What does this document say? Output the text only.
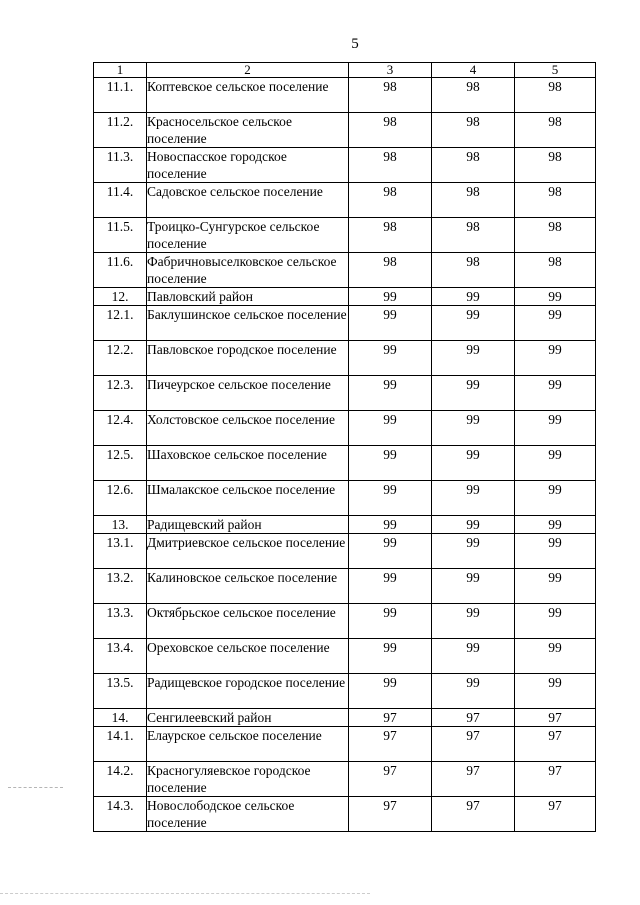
5
1	2	3	4	5
11.1.	Коптевское сельское поселение	98	98	98
11.2.	Красносельское сельское поселение	98	98	98
11.3.	Новоспасское городское поселение	98	98	98
11.4.	Садовское сельское поселение	98	98	98
11.5.	Троицко-Сунгурское сельское поселение	98	98	98
11.6.	Фабричновыселковское сельское поселение	98	98	98
12.	Павловский район	99	99	99
12.1.	Баклушинское сельское поселение	99	99	99
12.2.	Павловское городское поселение	99	99	99
12.3.	Пичеурское сельское поселение	99	99	99
12.4.	Холстовское сельское поселение	99	99	99
12.5.	Шаховское сельское поселение	99	99	99
12.6.	Шмалакское сельское поселение	99	99	99
13.	Радищевский район	99	99	99
13.1.	Дмитриевское сельское поселение	99	99	99
13.2.	Калиновское сельское поселение	99	99	99
13.3.	Октябрьское сельское поселение	99	99	99
13.4.	Ореховское сельское поселение	99	99	99
13.5.	Радищевское городское поселение	99	99	99
14.	Сенгилеевский район	97	97	97
14.1.	Елаурское сельское поселение	97	97	97
14.2.	Красногуляевское городское поселение	97	97	97
14.3.	Новослободское сельское поселение	97	97	97
